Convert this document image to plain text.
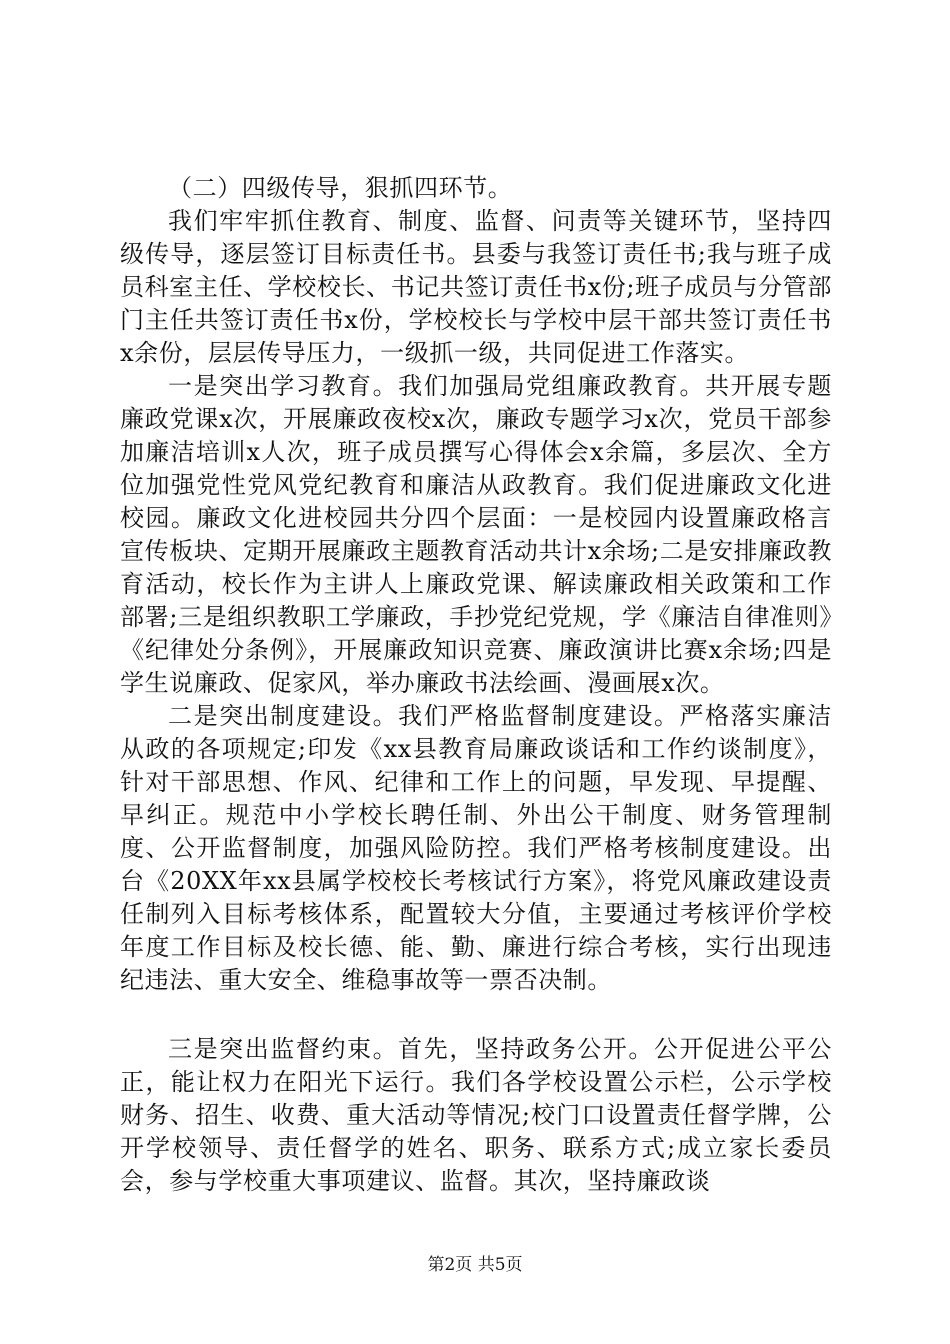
（二）四级传导，狠抓四环节。

我们牢牢抓住教育、制度、监督、问责等关键环节，坚持四级传导，逐层签订目标责任书。县委与我签订责任书;我与班子成员科室主任、学校校长、书记共签订责任书x份;班子成员与分管部门主任共签订责任书x份，学校校长与学校中层干部共签订责任书x余份，层层传导压力，一级抓一级，共同促进工作落实。

一是突出学习教育。我们加强局党组廉政教育。共开展专题廉政党课x次，开展廉政夜校x次，廉政专题学习x次，党员干部参加廉洁培训x人次，班子成员撰写心得体会x余篇，多层次、全方位加强党性党风党纪教育和廉洁从政教育。我们促进廉政文化进校园。廉政文化进校园共分四个层面：一是校园内设置廉政格言宣传板块、定期开展廉政主题教育活动共计x余场;二是安排廉政教育活动，校长作为主讲人上廉政党课、解读廉政相关政策和工作部署;三是组织教职工学廉政，手抄党纪党规，学《廉洁自律准则》《纪律处分条例》，开展廉政知识竞赛、廉政演讲比赛x余场;四是学生说廉政、促家风，举办廉政书法绘画、漫画展x次。

二是突出制度建设。我们严格监督制度建设。严格落实廉洁从政的各项规定;印发《xx县教育局廉政谈话和工作约谈制度》，针对干部思想、作风、纪律和工作上的问题，早发现、早提醒、早纠正。规范中小学校长聘任制、外出公干制度、财务管理制度、公开监督制度，加强风险防控。我们严格考核制度建设。出台《20XX年xx县属学校校长考核试行方案》，将党风廉政建设责任制列入目标考核体系，配置较大分值，主要通过考核评价学校年度工作目标及校长德、能、勤、廉进行综合考核，实行出现违纪违法、重大安全、维稳事故等一票否决制。

三是突出监督约束。首先，坚持政务公开。公开促进公平公正，能让权力在阳光下运行。我们各学校设置公示栏，公示学校财务、招生、收费、重大活动等情况;校门口设置责任督学牌，公开学校领导、责任督学的姓名、职务、联系方式;成立家长委员会，参与学校重大事项建议、监督。其次，坚持廉政谈

第2页 共5页
